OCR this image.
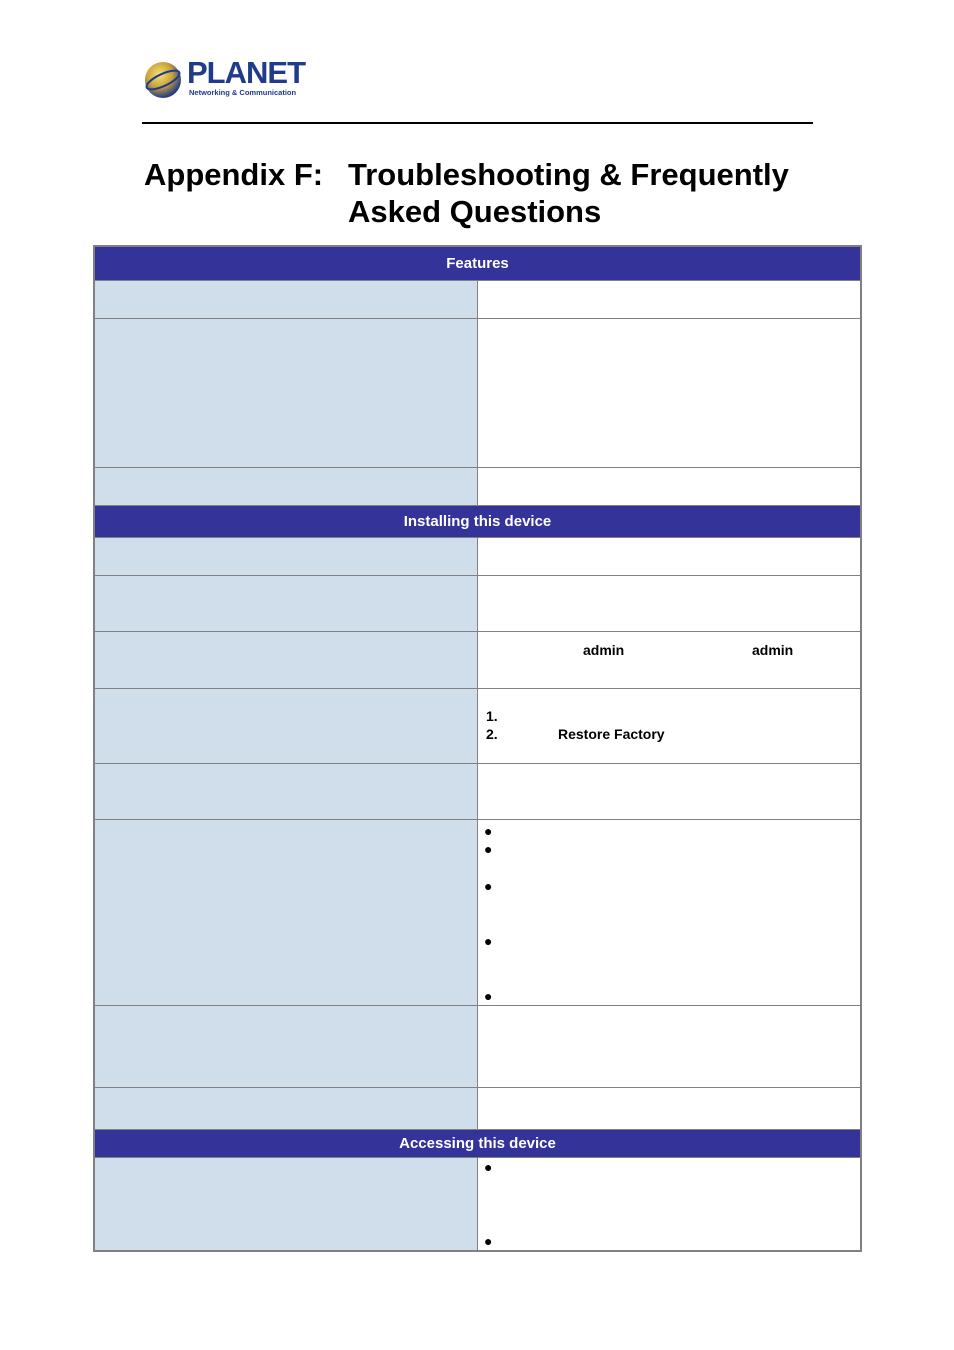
PLANET
Networking & Communication
Appendix F: Troubleshooting & Frequently Asked Questions
Features	

Installing this device	

	admin admin

	1.
2. Restore Factory

	●
●
●
●
●

Accessing this device	

	●
●
